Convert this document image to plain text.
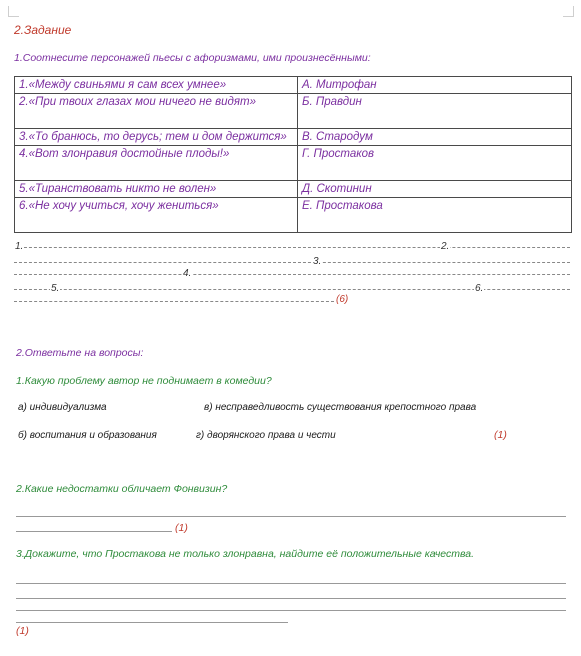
2.Задание
1.Соотнесите персонажей пьесы с афоризмами, ими произнесёнными:
1.«Между свиньями я сам всех умнее»	А. Митрофан
2.«При твоих глазах мои ничего не видят»	Б. Правдин
3.«То бранюсь, то дерусь; тем и дом держится»	В. Стародум
4.«Вот злонравия достойные плоды!»	Г. Простаков
5.«Тиранствовать никто не волен»	Д. Скотинин
6.«Не хочу учиться, хочу жениться»	Е. Простакова
1.	2.
3.
4.
5.	6.
(6)
2.Ответьте на вопросы:
1.Какую проблему автор не поднимает в комедии?
а) индивидуализма	в) несправедливость существования крепостного права
б) воспитания и образования	г) дворянского права и чести	(1)
2.Какие недостатки обличает Фонвизин?
(1)
3.Докажите, что Простакова не только злонравна, найдите её положительные качества.
(1)
